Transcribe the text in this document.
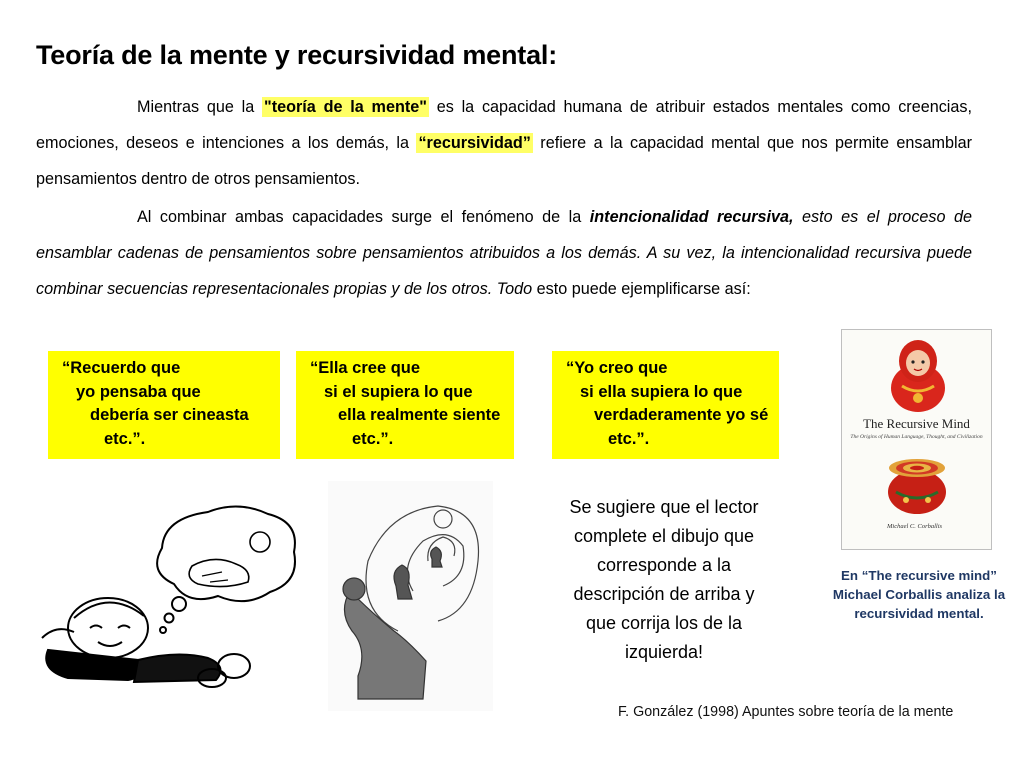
Teoría de la mente y recursividad mental:
Mientras que la "teoría de la mente" es la capacidad humana de atribuir estados mentales como creencias, emociones, deseos e intenciones a los demás, la “recursividad” refiere a la capacidad mental que nos permite ensamblar pensamientos dentro de otros pensamientos.
Al combinar ambas capacidades surge el fenómeno de la intencionalidad recursiva, esto es el proceso de ensamblar cadenas de pensamientos sobre pensamientos atribuidos a los demás. A su vez, la intencionalidad recursiva puede combinar secuencias representacionales propias y de los otros. Todo esto puede ejemplificarse así:
“Recuerdo que
yo pensaba que
debería ser cineasta
etc.”.
“Ella cree que
si el supiera lo que
ella realmente siente
etc.”.
“Yo creo que
si ella supiera lo que
verdaderamente yo sé
etc.”.
Se sugiere que el lector complete el dibujo que corresponde a la descripción de arriba y que corrija los de la izquierda!
The Recursive Mind
The Origins of Human Language, Thought, and Civilization
Michael C. Corballis
En “The recursive mind” Michael Corballis analiza la recursividad mental.
F. González (1998) Apuntes sobre teoría de la mente
